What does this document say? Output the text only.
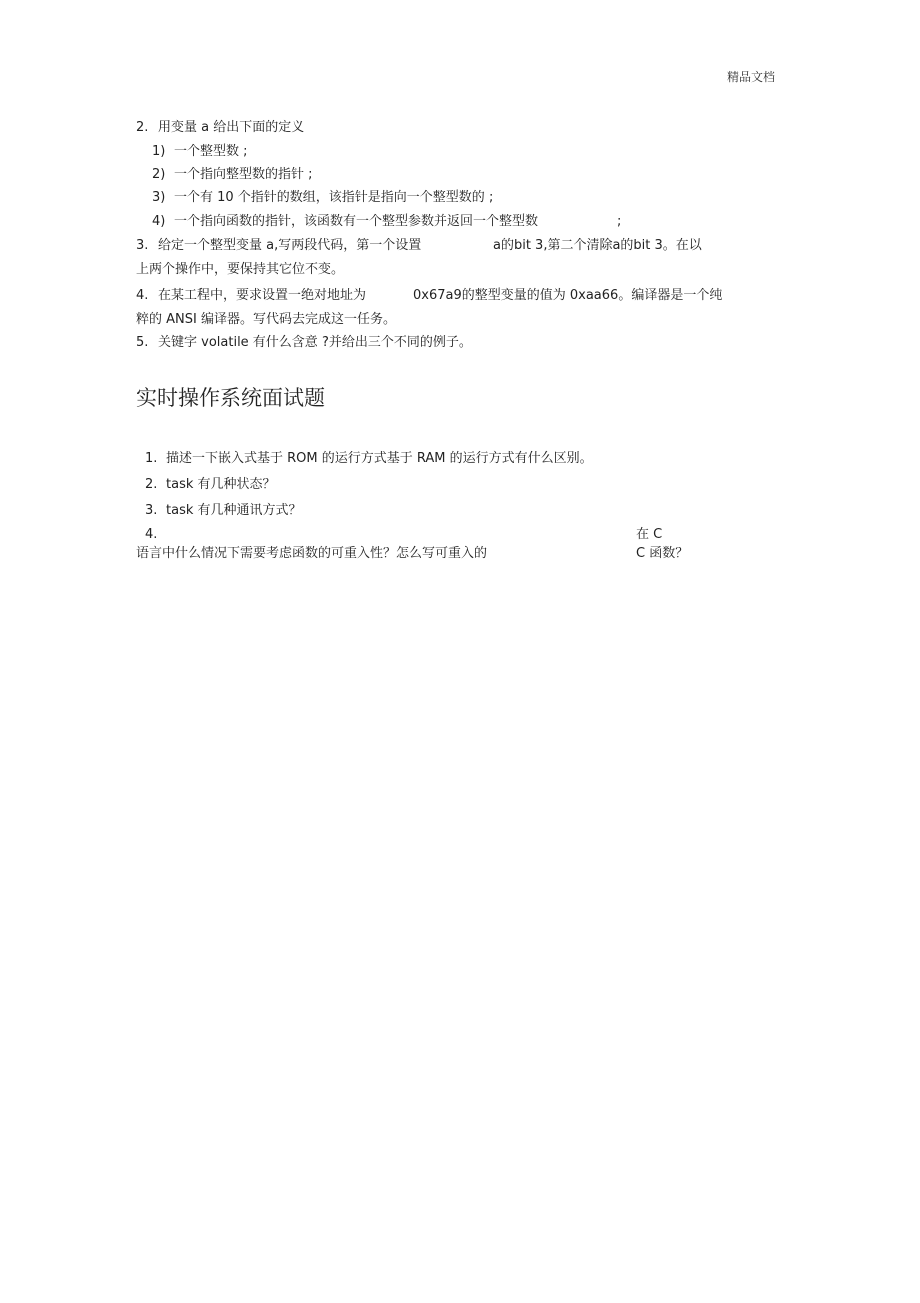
精品文档
2. 用变量 a 给出下面的定义
1) 一个整型数 ;
2) 一个指向整型数的指针 ;
3) 一个有 10 个指针的数组，该指针是指向一个整型数的 ;
4) 一个指向函数的指针，该函数有一个整型参数并返回一个整型数	;
3. 给定一个整型变量 a,写两段代码，第一个设置	a的bit 3,第二个清除a的bit 3。在以
上两个操作中，要保持其它位不变。
4. 在某工程中，要求设置一绝对地址为	0x67a9的整型变量的值为 0xaa66。编译器是一个纯
粹的 ANSI 编译器。写代码去完成这一任务。
5. 关键字 volatile 有什么含意 ?并给出三个不同的例子。
实时操作系统面试题
1. 描述一下嵌入式基于 ROM 的运行方式基于 RAM 的运行方式有什么区别。
2. task 有几种状态？
3. task 有几种通讯方式？
4.	在 C
语言中什么情况下需要考虑函数的可重入性？怎么写可重入的	C 函数？
